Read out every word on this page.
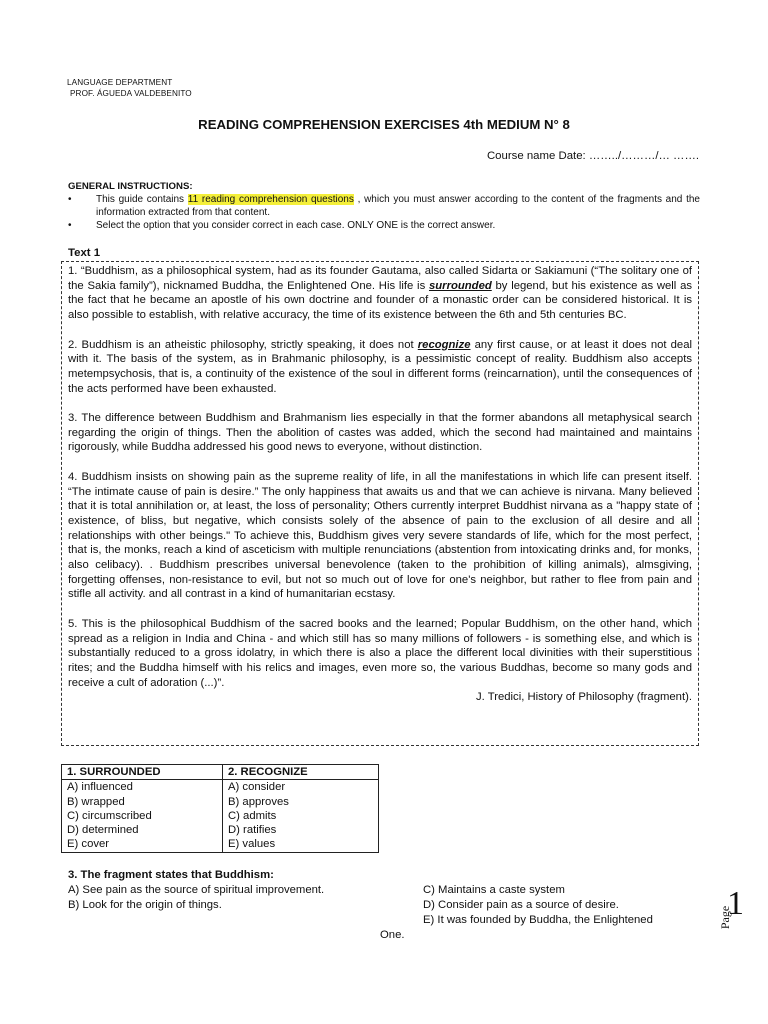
LANGUAGE DEPARTMENT
PROF. ÁGUEDA VALDEBENITO
READING COMPREHENSION EXERCISES 4th MEDIUM N° 8
Course name Date: ……../………/… …….
GENERAL INSTRUCTIONS:
• This guide contains 11 reading comprehension questions , which you must answer according to the content of the fragments and the information extracted from that content.
• Select the option that you consider correct in each case. ONLY ONE is the correct answer.
Text 1

1. “Buddhism, as a philosophical system, had as its founder Gautama, also called Sidarta or Sakiamuni (“The solitary one of the Sakia family”), nicknamed Buddha, the Enlightened One. His life is surrounded by legend, but his existence as well as the fact that he became an apostle of his own doctrine and founder of a monastic order can be considered historical. It is also possible to establish, with relative accuracy, the time of its existence between the 6th and 5th centuries BC.

2. Buddhism is an atheistic philosophy, strictly speaking, it does not recognize any first cause, or at least it does not deal with it. The basis of the system, as in Brahmanic philosophy, is a pessimistic concept of reality. Buddhism also accepts metempsychosis, that is, a continuity of the existence of the soul in different forms (reincarnation), until the consequences of the acts performed have been exhausted.

3. The difference between Buddhism and Brahmanism lies especially in that the former abandons all metaphysical search regarding the origin of things. Then the abolition of castes was added, which the second had maintained and maintains rigorously, while Buddha addressed his good news to everyone, without distinction.

4. Buddhism insists on showing pain as the supreme reality of life, in all the manifestations in which life can present itself. “The intimate cause of pain is desire.” The only happiness that awaits us and that we can achieve is nirvana. Many believed that it is total annihilation or, at least, the loss of personality; Others currently interpret Buddhist nirvana as a "happy state of existence, of bliss, but negative, which consists solely of the absence of pain to the exclusion of all desire and all relationships with other beings." To achieve this, Buddhism gives very severe standards of life, which for the most perfect, that is, the monks, reach a kind of asceticism with multiple renunciations (abstention from intoxicating drinks and, for monks, also celibacy). . Buddhism prescribes universal benevolence (taken to the prohibition of killing animals), almsgiving, forgetting offenses, non-resistance to evil, but not so much out of love for one's neighbor, but rather to flee from pain and stifle all activity. and all contrast in a kind of humanitarian ecstasy.

5. This is the philosophical Buddhism of the sacred books and the learned; Popular Buddhism, on the other hand, which spread as a religion in India and China - and which still has so many millions of followers - is something else, and which is substantially reduced to a gross idolatry, in which there is also a place the different local divinities with their superstitious rites; and the Buddha himself with his relics and images, even more so, the various Buddhas, become so many gods and receive a cult of adoration (...)”.
J. Tredici, History of Philosophy (fragment).

1. SURROUNDED	2. RECOGNIZE
A) influenced	A) consider
B) wrapped	B) approves
C) circumscribed	C) admits
D) determined	D) ratifies
E) cover	E) values
3. The fragment states that Buddhism:
A) See pain as the source of spiritual improvement.
B) Look for the origin of things.
C) Maintains a caste system
D) Consider pain as a source of desire.
E) It was founded by Buddha, the Enlightened
One.
Page
1
